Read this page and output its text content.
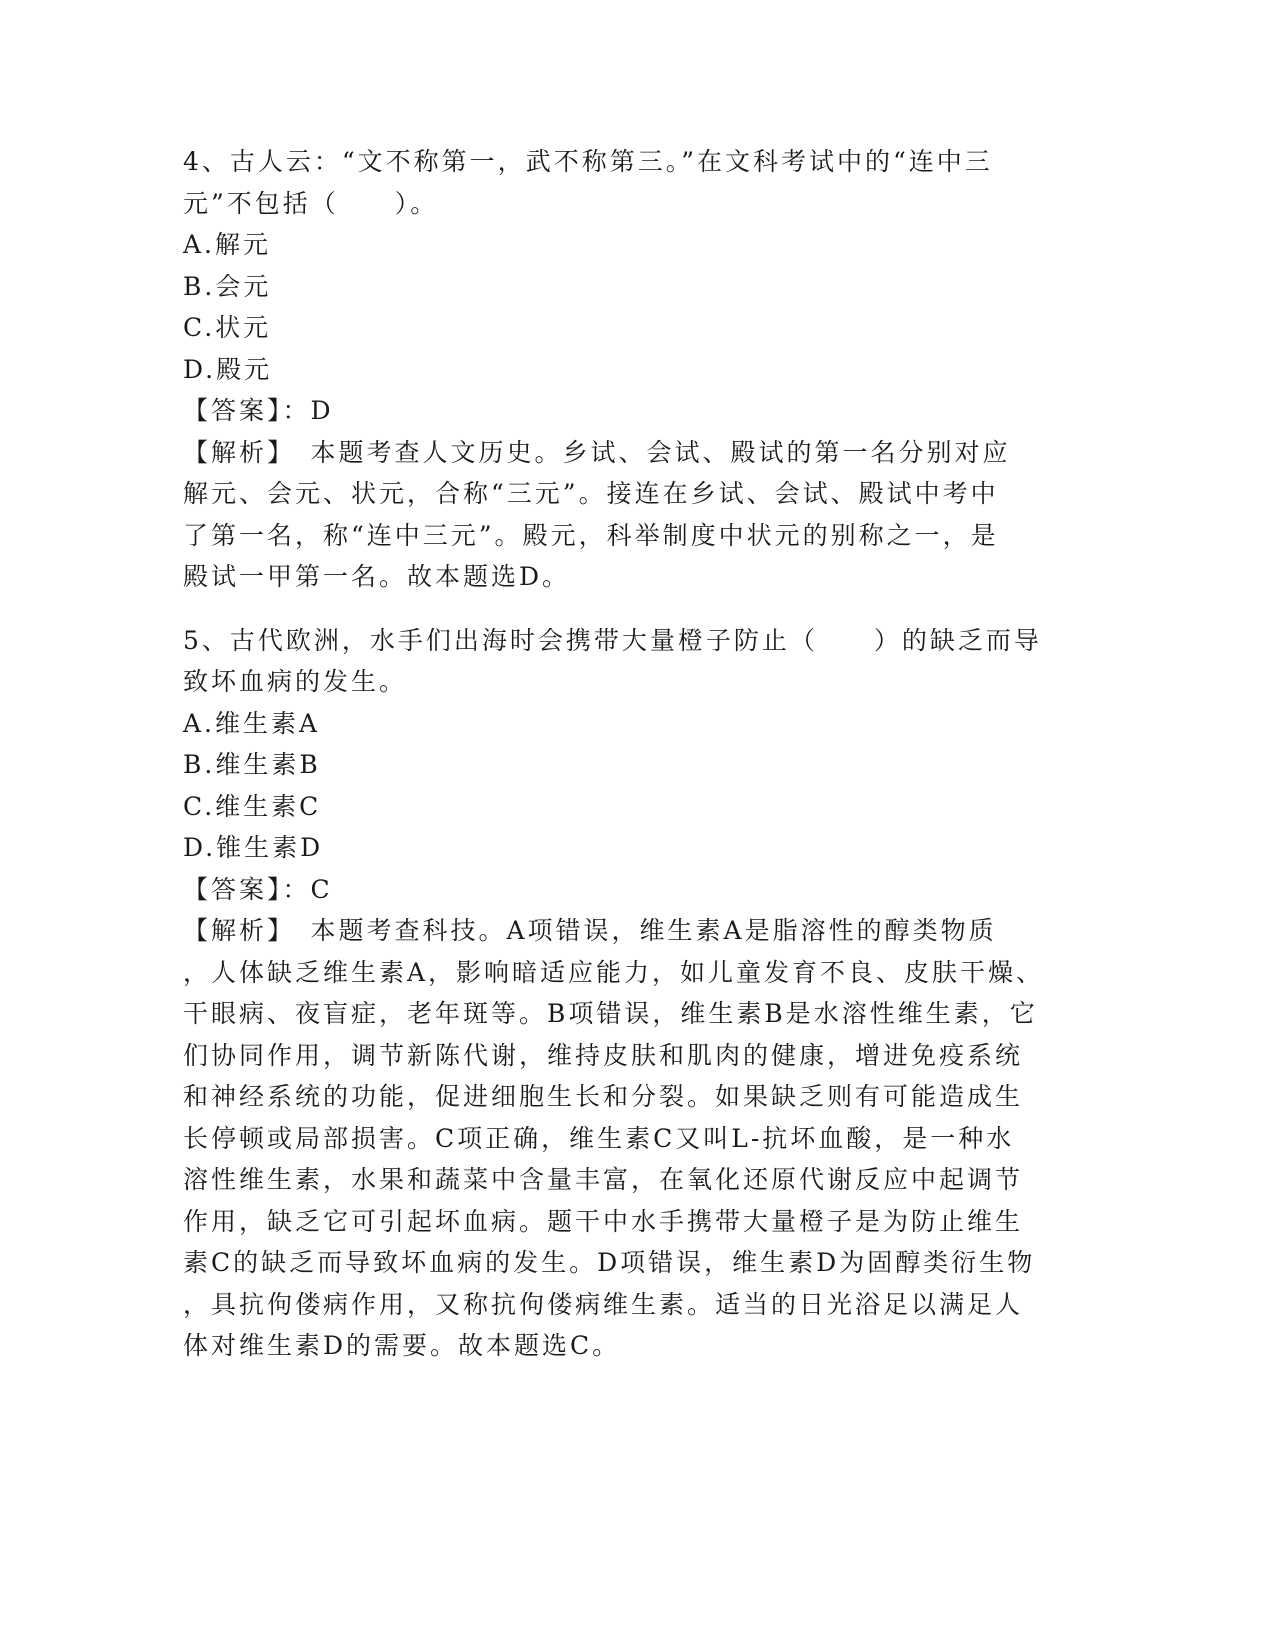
4、古人云：“文不称第一，武不称第三。”在文科考试中的“连中三
元”不包括（　　）。
A.解元
B.会元
C.状元
D.殿元
【答案】：D
【解析】　本题考查人文历史。乡试、会试、殿试的第一名分别对应
解元、会元、状元，合称“三元”。接连在乡试、会试、殿试中考中
了第一名，称“连中三元”。殿元，科举制度中状元的别称之一，是
殿试一甲第一名。故本题选D。
5、古代欧洲，水手们出海时会携带大量橙子防止（　　）的缺乏而导
致坏血病的发生。
A.维生素A
B.维生素B
C.维生素C
D.锥生素D
【答案】：C
【解析】　本题考查科技。A项错误，维生素A是脂溶性的醇类物质
，人体缺乏维生素A，影响暗适应能力，如儿童发育不良、皮肤干燥、
干眼病、夜盲症，老年斑等。B项错误，维生素B是水溶性维生素，它
们协同作用，调节新陈代谢，维持皮肤和肌肉的健康，增进免疫系统
和神经系统的功能，促进细胞生长和分裂。如果缺乏则有可能造成生
长停顿或局部损害。C项正确，维生素C又叫L-抗坏血酸，是一种水
溶性维生素，水果和蔬菜中含量丰富，在氧化还原代谢反应中起调节
作用，缺乏它可引起坏血病。题干中水手携带大量橙子是为防止维生
素C的缺乏而导致坏血病的发生。D项错误，维生素D为固醇类衍生物
，具抗佝偻病作用，又称抗佝偻病维生素。适当的日光浴足以满足人
体对维生素D的需要。故本题选C。
